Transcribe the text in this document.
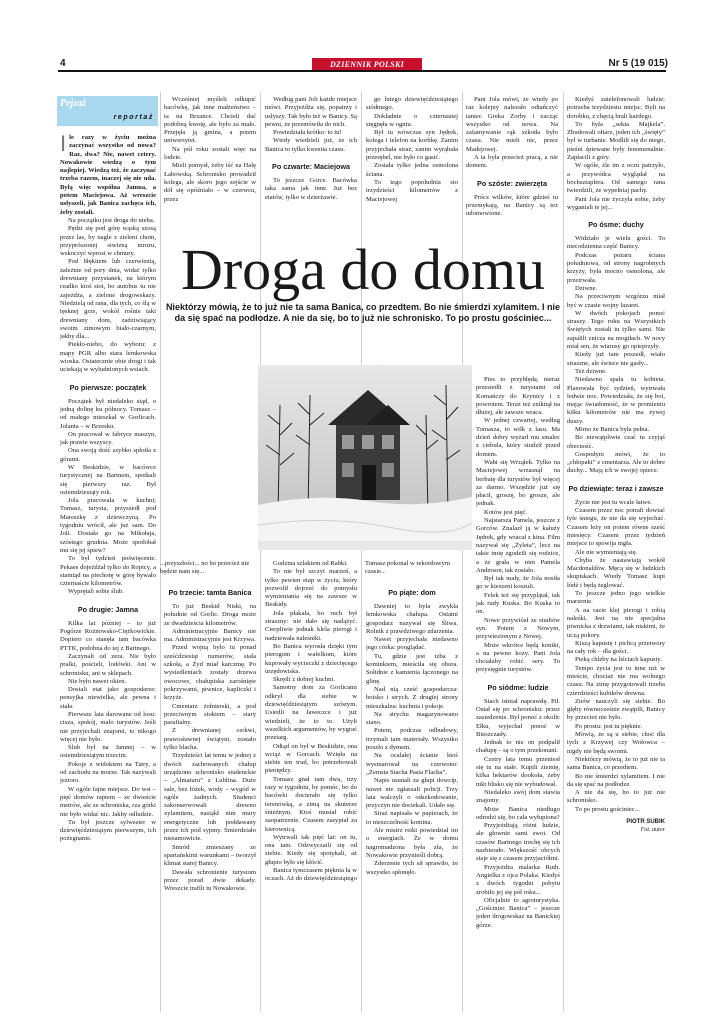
4	DZIENNIK POLSKI	Nr 5 (19 015)
Pejzaż
reportaż
I le razy w życiu można zaczynać wszystko od nowa? Raz, dwa? Nie, nawet cztery. Nowakowie wiedzą o tym najlepiej. Wiedzą też, że zaczynać trzeba razem, inaczej się nie uda. Byłą więc wspólna Jamna, a potem Maciejowa. Aż wreszcie usłyszeli, jak Banica zachęca ich, żeby zostali.

Na początku jest droga do nieba.

Pędzi się pod górę wąską szosą przez las, by nagle z zieleni choin, przyprószonej siwizną mrozu, wskoczyć wprost w chmury.

Pod błękitem lub czerwienią, zależnie od pory dnia, widać tylko drewniany przystanek, na którym rzadko ktoś stoi, bo autobus tu nie zajeżdża, a zielone drogowskazy. Niedzielą od rana, dla tych, co ślą w tęsknej grze, wokół rośnie taki drewniany dom, zadziwiający swoim zimowym biało-czarnym, jakby dla...

Piekło-niebo, do wyboru: z mapy PGR albo stara lemkowska wioska. Ostatecznie obie drogi i tak uciekają w wyludnionych wsiach.

Po pierwsze: początek

Początek był niedaleko stąd, o jedną dolinę ku północy. Tomasz – od małego mieszkał w Gorlicach. Jolanta – w Brzesku.

On pracował w fabryce maszyn, jak prawie wszyscy.

Ona swoją dość szybko spłotła z górami.

W Beskidzie, w bacówce turystycznej na Bartnem, spotkali się pierwszy raz. Był osiemdziesiąty rok.

Jola pracowała w kuchni; Tomasz, turysta, przyszedł pod Mareszkę z dziewczyną. Po tygodniu wrócił, ale już sam. Do Joli. Dostała go na Mikołaja, szóstego grudnia. Może spodobał mu się jej śpiew?

To był tydzień poświęcenie. Pekaes dojeżdżał tylko do Ropicy, a stamtąd na piechotę w górę bywało czternaście kilometrów.

Wyprętali sobie ślub.

Po drugie: Jamna

Kilka lat później – to już Pogórze Rożnowsko-Ciężkowickie. Dopiero co stanęła tam bacówka PTTK, podobna do tej z Bartnego.

Zaczynali od zera. Nie było pralki, pościeli, lodówki. Ani w schronisku, ani w sklepach.

Nie było nawet okien.

Dostali etat jako gospodarze: pensyjka niewielka, ale pewna i stała.

Pierwsze lata darowane od losu: cisza, spokój, mało turystów. Jeśli nie przyjechali znajomi, to nikogo więcej nie było.

Ślub był na Jamnej – w osiemdziesiątym trzecim.

Pokoje z widokiem na Tatry, a od zachodu na morze. Tak nazywali jezioro.

W ogóle fajne miejsce. Do wsi – pięć domów raptem – ze dwieście metrów, ale ze schroniska, rza górki nie było widać nic. Jakby odludzie.

Tu był jeszcze sylwester w dziewięćdziesiątym pierwszym, ich pożegnanie.

Wcześniej myśleli odkupić bacówkę, jak inne małżeństwo – ta na Brzance. Chcieli dać podobną kwotę, ale było za mało. Przejęła ją gmina, a potem uniwersytet.

Na pół roku zostali więc na lodzie.

Mieli pomysł, żeby iść na Halę Łabowską. Schronisko prowadził kolega, ale skoro jego zejście w dół się opóźniało – w czerwcu, przez

Według pani Joli każde miejsce mówi. Przyjeżdża się, popatrzy i usłyszy. Tak było też w Banicy. Są pewni, że przemówiła do nich.

Powiedziała krótko: to tu!

Wtedy wiedzieli już, że ich Banica to tylko kwestia czasu.

Po czwarte: Maciejowa

To jeszcze Gorce. Bacówka taka sama jak inne. Już bez etatów, tylko w dzierżawie.

go lutego dziewięćdziesiątego siódmego.

Dokładnie o czternastej stęgnęła w ogniu.

Był tu wówczas syn Jędrek, kolega i telefon na korbkę. Zanim przyjechała straż, zanim wyrąbała przerębel, nie było co gasić.

Została tylko jedna osmolona ściana.

To tego popołudnia sto trzydzieści kilometrów z Maciejowej

Pani Jola mówi, że wtedy po raz kolejny nalezało odtańczyć taniec Greka Zorby i zacząć wszystko od nowa. Na zafamywanie rąk szkoda było czasu. Nie mieli nic, przez Madejowej.

A ta była przecież pracą, a nie domem.

Po szóste: zwierzęta

Prócz wilków, które gdzieś tu przemykają, na Banicy są też udomowione.

Droga do domu
Niektórzy mówią, że to już nie ta sama Banica, co przedtem. Bo nie śmierdzi xylamitem. I nie da się spać na podłodze. A nie da się, bo to już nie schronisko. To po prostu gościniec...
...przyszłości... no bo przecież nie będzie nam się...
Tomasz pokonał w rekordowym czasie...
Po trzecie: tamta Banica

To już Beskid Niski, na południe od Gorlic. Droga może ze dwadzieścia kilometrów.

Administracyjnie Banicy nie ma. Administracyjnie jest Krzywa.

Przed wojną było tu ponad sześćdziesiąt numerów, stała szkoła, a Żyd miał karczmę. Po wysiedleniach zostały drzewa owocowe, chałupiska zarośnięte pokrzywami, piwnice, kapliczki i krzyże.

Cmentarz żołnierski, a pod przeciwnym stokiem – stary parafialny.

Z drewnianej cerkwi, prawosławnej świątyni, zostało tylko blacha.

Trzydzieści lat temu w jednej z dwóch zachowanych chałup urządzono schronisko studenckie – „Almaturu” z Lublina. Duże sale, bez łóżek, wody – wygód w ogóle żadnych. Studenci zakonserwowali drewno xylamitem, nasiąkł nim mury energetyczne lub poddawany przez ich pod sypmy. Śmierdziało niesamowicie.

Smród zmieszany ze spartańskimi warunkami – tworzył klimat starej Banicy.

Dawała schronienie turystom przez porad dwie dekady. Wreszcie trafili tu Nowakowie.

Godzina szlakiem od Rabki.

To nie był szczyt marzeń, a tylko pewien etap w życiu, który pozwolił dojrzeć do pomysłu wymieniania się na zawsze w Beskidy.

Jola płakała, bo ruch był straszny: nie dało się nadążyć. Cierpliwie jednak klela pierogi i nadziewała naleśniki.

Bo Banica wyrosła dzięki tym pierogom i wafelkom, które kupowały wycieczki z dziecięcego urzędowiska.

Skręili z dobrej kuchni.

Samotny dom za Gorlicami odkrył dla siebie w dziewięćdziesiątym szóstym. Usiedli na ławeczce i już wiedzieli, że to to. Użyli wszelkich argumentów, by wygrać przetarg.

Odtąd on był w Beskidzie, ona wciąż w Gorcach. Wzięła na siebie ten trud, bo potrzebowali pieniędzy.

Tomasz gnał tam dwa, trzy razy w tygodniu, by pomóc, bo do bacówki docierało się tylko terenówką, a zimą na skuterze śnieżnym. Ktoś musiał robić zaopatrzenie. Czasem zasypiał za kierownicą.

Wytrwali tak pięć lat: on tu, ona tam. Odzwyczaili się od siebie. Kiedy się spotykali, aż głupio było się kłócić.

Banica tymczasem pięknia ła w oczach. Aż do dziewięćdziesiątego

Po piąte: dom

Dawniej to była zwykła łemkowska chałupa. Ostatni gospodarz nazywał się Śliwa. Rolnik z prawdziwego zdarzenia.

Nawet przyjechała niedawno jego córka: pooglądać.

Tu, gdzie jest izba z kominkiem, mieściła się obora. Solidnie z kamienia łączonego na glinę.

Nad nią cześć gospodarcza: boisko i strych. Z drugiej strony mieszkalna: kuchnia i pokoje.

Na strychu magazynowano siano.

Potem, podczas odbudowy, trzymali tam materiały. Wszystko poszło z dymem.

Na ocalałej ścianie ktoś wysmarował na czerwono: „Zemsta Stacha Pasta Flacha”.

Napis usunali za głupi dowcip, nawet nie zgłaszali policji. Trzy lata walczyli o odszkodowanie, przyczyn nie dociekali. Udało się.

Straż napisała w papierach, że to nieszczelność komina.

Ale mistrz reiki powiedział im o energiach. Że w domu nagromadzona była zła, że Nowakowie przynieśli dobrą.

Zderzenie tych sił sprawiło, że wszystko spłonęło.

Pies to przybłęda, nieraz przesiedli z turystami od Komańczy do Krynicy i z powrotem. Teraz też zniknął na dłużej, ale zawsze wraca.

W jednej czwartej, według Tomasza, to wilk z lasu. Ma dzień dobry wyżarł mu smalec z ciebula, który studził przed domem.

Wabi się Wrząłek. Tylko na Maciejowej wrzasnął na berbatę dla turystów był więcej za darmo. Wszędzie już się płacił, groszę, bo grosze, ale jednak.

Kotów jest pięć.

Najstarsza Pamela, jeszcze z Gorców. Znalazł ją w kałuży Jędrek, gdy wracał z kina. Film nazywał się „Żyleta”, lecz na takie imię zgodzili się rodzice, a że grała w nim Pamela Anderson, tak zostało.

Był tak mały, że Jola nosiła go w kieszeni koszuli.

Felek też się przyplątał, tak jak rudy Kuska. Bo Kuska to on.

Nowe przywiózł ze studiów syn. Potem z Nowym, przywiezionym z Nowej.

Może wkrótce będą koniki, a na pewno kozy. Pani Jola chciałaby robić sery. To przysięgnie turystów.

Po siódme: ludzie

Stach istniał naprawdę. Pił. Ostał się po schronisku: przez zasiedzenie. Był ponoć z okolic Ełku, wyjechał ponoć w Bieszczady.

Jednak to nie on podpalił chałupę – są o tym przekonani.

Czetry lata temu przeniesł się tu na stałe. Kupili ziemię, kilka hektarów dookoła, żeby nikt blisko się nie wybudował.

Niedaleko swój dom stawia znajomy.

Może Banica niedługo odrodzi się, bo cała wyłupiona?

Przyjeżdżają różni ludzie, ale głownie sami swoi. Od czasów Bartnego trochę się ich nazbierało. Większość obcych staje się z czasem przyjaciółmi.

Przyjeżdża malarka Ruth. Angielka z ojca Polaka. Kiedyś z dwóch tygodni pobytu zrobiło jej się pół roku...

Oficjalnie to agroturystyka. „Gościniec Banica” – jeszcze jeden drogowskaz na Banickiej górze.

Kiedyś zatelefonowali ludzie: potrzeba trzydziestu miejsc. Byli na dorobku, z chęcią brali każdego.

To była „sekta Majkela”. Zbudowali ołtarz, jeden ich „święty” był w turbanie. Modlili się do niego, pieśni śpiewane były fenomenalnie. Zapłacili z góry.

W ogóle, źle im z oczu patrzyło, a przywódca wyglądał na bochsztaplera. Od samego rana twierdzili, że wypełniaj pachy.

Pani Jola nie życzyła sobie, żeby wyganiali te jej...

Po ósme: duchy

Widziało je wielu gości. To niecodzienna część Banicy.

Podczas pożaru ściana południowa, od strony nagrobnych krzyży, była mocno osmolona, ale przetrwała.

Dziwne.

Na przeciwnym wzgórzu miał być w czasie wojny lazaret.

W dwóch pokojach ponoć straszy. Tego roku na Wszystkich Świętych zostali tu tylko sami. Nie zapalili znicza na mogiłach. W nocy miał sen, że wiarusy go opieprzyły.

Kiedy już tam poszedł, wiało straszne, ale świece nie gasły...

Też dziwne.

Niedawno spała tu kobieta. Planowała być tydzień, wytrwała ledwie noc. Powiedziała, że się boi, mając świadomość, że w promieniu kilku kilometrów nie ma żywej duszy.

Mimo że Banica była pełna.

Bo niewątpliwie czać tu czyjąś obecność.

Gospodyni mówi, że to „chłopaki” z cmentarza. Ale to dobre duchy... Mają ich w swojej opiece.

Po dziewiąte: teraz i zawsze

Życie nie jest tu wcale łatwe.

Czasem przez noc potrafi dowiać tyle śniegu, że nie da się wyjechać. Czasem leży on potem równe sześć miesięcy. Czasem przez tydzień miejsce to spowija mgła.

Ale nie wymieniają się.

Chyba że nastawiają wokół Macdonaldów. Męcą się w ludzkich skupiskach. Wtedy Tomasz kupi łódź i będą żeglować.

To jeszcze jedno jego wielkie marzenie.

A na razie klej pierogi i robią naleśki. Jest na nie specjalna piwnicka z drzwiami, tak niskimi, że uczą pokory.

Kiszą kapustę i pichcą przetwory na cały rok – dla gości.

Pieką chleby na liściach kapusty.

Tempo życia jest tu inne niż w mieście, chociaż nie ma wolnego czasu. Na zimę przygotowali trzeba czterdzieści kubików drewna.

Znów nauczyli się siebie. Bo głęby równocześnie zwątpili, Banicy by przecież nie było.

Po prostu: jest tu pięknie.

Mówią, że są u siebie, choć dla tych z Krzywej czy Wołowca – nigdy nie będą swoimi.

Niektórzy mówią, że to już nie ta sama Banica, co przedtem.

Bo nie śmierdzi xylamitem. I nie da się spać na podłodze.

A nie da się, bo to już nie schronisko.

To po prostu gościniec...

PIOTR SUBIK
Fot. autor
